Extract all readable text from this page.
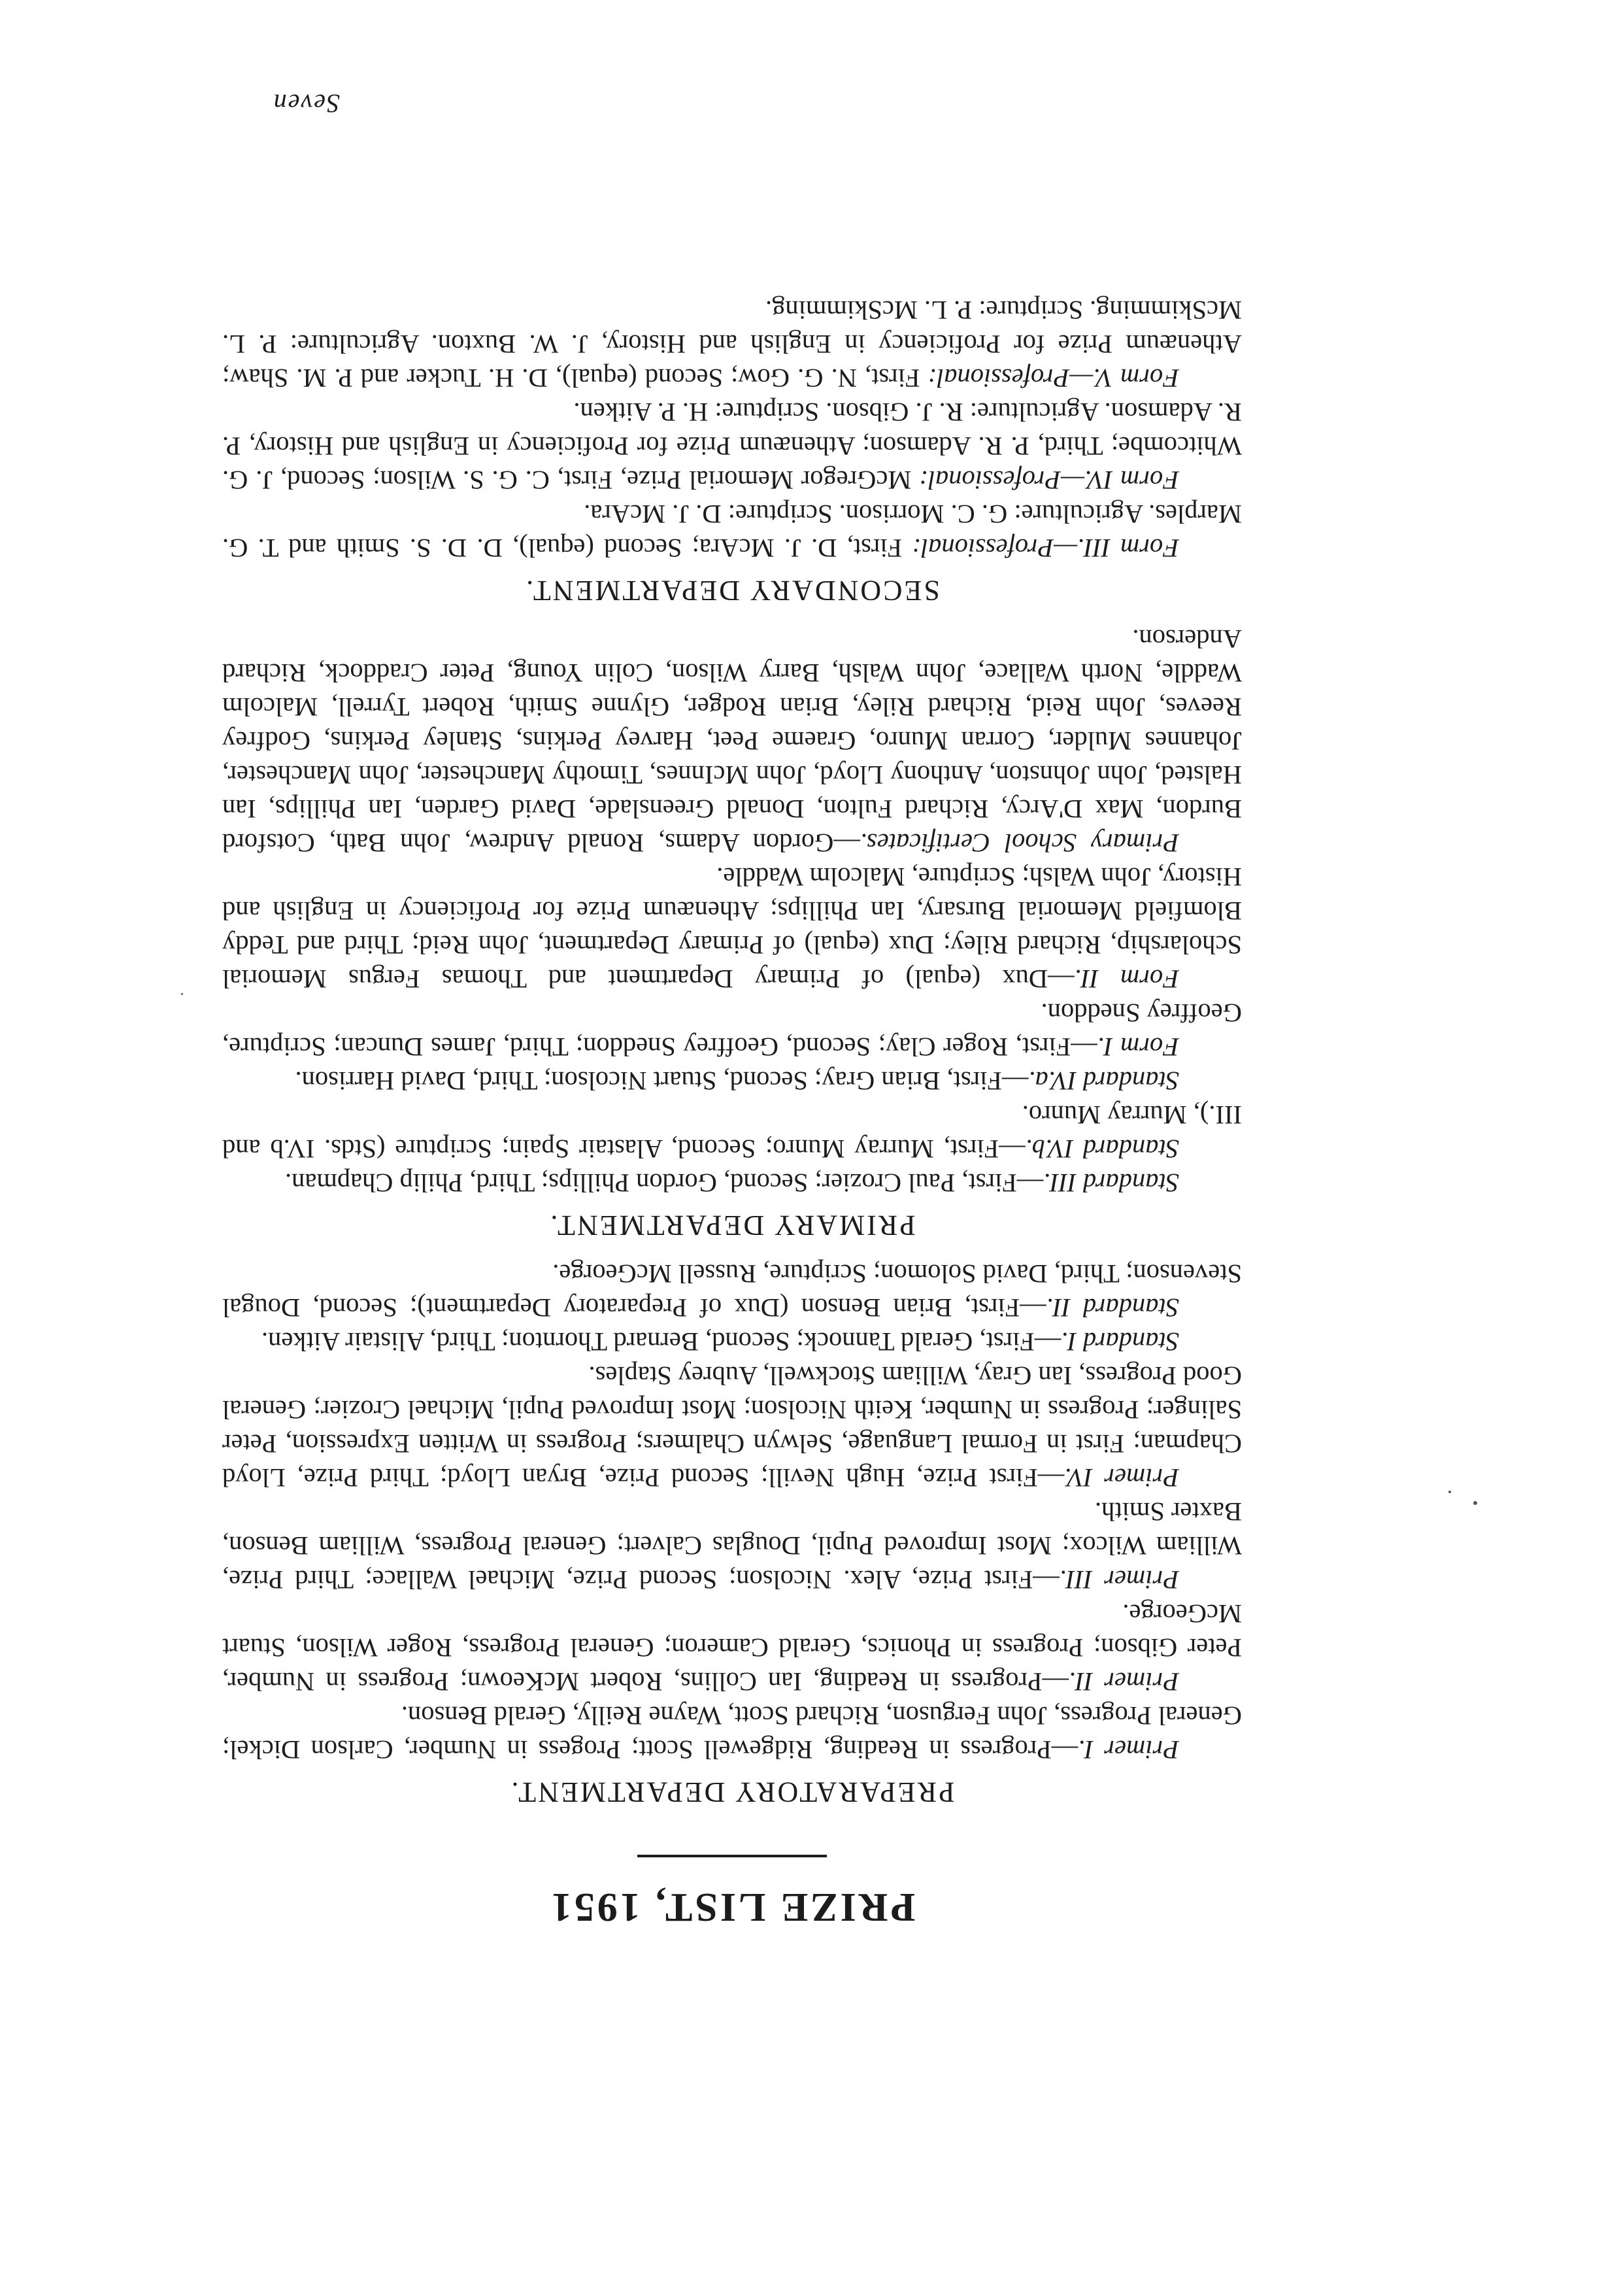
PRIZE LIST, 1951
PREPARATORY DEPARTMENT.

Primer I.—Progress in Reading, Ridgewell Scott; Progess in Number, Carlson Dickel; General Progress, John Ferguson, Richard Scott, Wayne Reilly, Gerald Benson.

Primer II.—Progress in Reading, Ian Collins, Robert McKeown; Progress in Number, Peter Gibson; Progress in Phonics, Gerald Cameron; General Progress, Roger Wilson, Stuart McGeorge.

Primer III.—First Prize, Alex. Nicolson; Second Prize, Michael Wallace; Third Prize, William Wilcox; Most Improved Pupil, Douglas Calvert; General Progress, William Benson, Baxter Smith.

Primer IV.—First Prize, Hugh Nevill; Second Prize, Bryan Lloyd; Third Prize, Lloyd Chapman; First in Formal Language, Selwyn Chalmers; Progress in Written Expression, Peter Salinger; Progress in Number, Keith Nicolson; Most Improved Pupil, Michael Crozier; General Good Progress, Ian Gray, William Stockwell, Aubrey Staples.

Standard I.—First, Gerald Tannock; Second, Bernard Thornton; Third, Alistair Aitken.

Standard II.—First, Brian Benson (Dux of Preparatory Department); Second, Dougal Stevenson; Third, David Solomon; Scripture, Russell McGeorge.

PRIMARY DEPARTMENT.

Standard III.—First, Paul Crozier; Second, Gordon Phillips; Third, Philip Chapman.

Standard IV.b.—First, Murray Munro; Second, Alastair Spain; Scripture (Stds. IV.b and III.), Murray Munro.

Standard IV.a.—First, Brian Gray; Second, Stuart Nicolson; Third, David Harrison.

Form I.—First, Roger Clay; Second, Geoffrey Sneddon; Third, James Duncan; Scripture, Geoffrey Sneddon.

Form II.—Dux (equal) of Primary Department and Thomas Fergus Memorial Scholarship, Richard Riley; Dux (equal) of Primary Department, John Reid; Third and Teddy Blomfield Memorial Bursary, Ian Phillips; Athenæum Prize for Proficiency in English and History, John Walsh; Scripture, Malcolm Waddle.

Primary School Certificates.—Gordon Adams, Ronald Andrew, John Bath, Cotsford Burdon, Max D'Arcy, Richard Fulton, Donald Greenslade, David Garden, Ian Phillips, Ian Halsted, John Johnston, Anthony Lloyd, John McInnes, Timothy Manchester, John Manchester, Johannes Mulder, Corran Munro, Graeme Peet, Harvey Perkins, Stanley Perkins, Godfrey Reeves, John Reid, Richard Riley, Brian Rodger, Glynne Smith, Robert Tyrrell, Malcolm Waddle, North Wallace, John Walsh, Barry Wilson, Colin Young, Peter Craddock, Richard Anderson.

SECONDARY DEPARTMENT.

Form III.—Professional: First, D. J. McAra; Second (equal), D. D. S. Smith and T. G. Marples. Agriculture: G. C. Morrison. Scripture: D. J. McAra.

Form IV.—Professional: McGregor Memorial Prize, First, C. G. S. Wilson; Second, J. G. Whitcombe; Third, P. R. Adamson; Athenæum Prize for Proficiency in English and History, P. R. Adamson. Agriculture: R. J. Gibson. Scripture: H. P. Aitken.

Form V.—Professional: First, N. G. Gow; Second (equal), D. H. Tucker and P. M. Shaw; Athenæum Prize for Proficiency in English and History, J. W. Buxton. Agriculture: P. L. McSkimming. Scripture: P. L. McSkimming.

Seven
